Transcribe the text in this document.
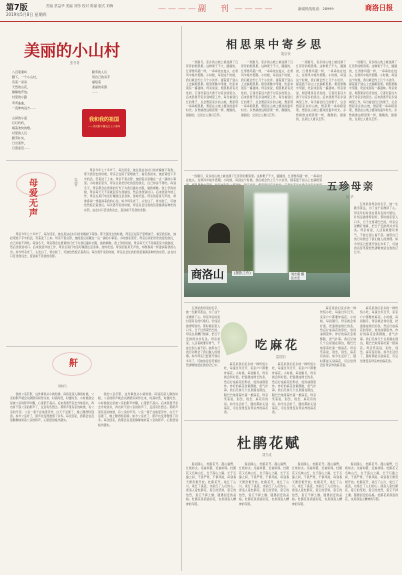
第7版
2019年5月8日 星期四
责编 蔡益华 美编 刘彤 校对 陈丽 版式 刘梅	————副 刊————	新闻热线电话：28999	商洛日报
美丽的小山村
张书青
八百里秦岭
脚下，一个小山村，
有着一朵朵
天然的山花，
静静地开放。
村里的小路
弯弯曲曲，
一直伸向远方……

山间的小溪
叮叮咚咚，
唱着欢快的歌。
村里的人们
勤劳朴实，
日出而作，
日落而息……
勤劳的人们
用自己的双手
描绘着
美丽的家园
……

我和我的祖国
——庆祝新中国成立七十周年
母爱无声	张丽平

母亲今年七十多岁了，每次回家，她总是站在村口的老槐树下等我。那天我回去的时候，母亲正在院子里晒被子，看见我回来，她赶紧放下手中的活，笑着迎了上来。母亲不善言辞，她的爱总是藏在一点一滴的小事里。小时候家里穷，母亲总是把好吃的留给我们，自己却舍不得吃。每到冬天，母亲都会在昏黄的灯光下为我们缝补衣服，做新棉鞋。我上学的时候，母亲每天天不亮就起床为我做饭，然后送我到村口。后来我到外地工作，母亲总是打电话叮嘱我注意身体，按时吃饭。母亲的爱是无声的，却像春雨一样滋润着我的心田。如今母亲老了，头发白了，背也驼了，可她依然惦记着我们。每次离开家的时候，母亲总会往我的包里塞满各种吃的东西，站在村口目送我远去，直到看不见我的身影。

母亲今年七十多岁了，每次回家，她总是站在村口的老槐树下等我。那天我回去的时候，母亲正在院子里晒被子，看见我回来，她赶紧放下手中的活，笑着迎了上来。母亲不善言辞，她的爱总是藏在一点一滴的小事里。小时候家里穷，母亲总是把好吃的留给我们，自己却舍不得吃。每到冬天，母亲都会在昏黄的灯光下为我们缝补衣服，做新棉鞋。我上学的时候，母亲每天天不亮就起床为我做饭，然后送我到村口。后来我到外地工作，母亲总是打电话叮嘱我注意身体，按时吃饭。母亲的爱是无声的，却像春雨一样滋润着我的心田。如今母亲老了，头发白了，背也驼了，可她依然惦记着我们。每次离开家的时候，母亲总会往我的包里塞满各种吃的东西，站在村口目送我远去，直到看不见我的身影。

鼾
胡晓凡

我的父亲打鼾，这件事我从小就知道。每到夜深人静的时候，父亲的鼾声就会从隔壁房间传过来，时高时低，时缓时急。小时候我总是被父亲的鼾声吵醒，心里很不高兴。后来我离开家去外地读书，再也听不到父亲的鼾声了，反而有些想念。那鼾声里有家的味道，有父亲的辛劳。父亲一辈子在地里劳作，白天干活累了，晚上睡得特别香。如今父亲老了，鼾声也变得微弱了许多。每次回家，我都会在夜里静静地听着父亲的鼾声，心里感到格外踏实。

我的父亲打鼾，这件事我从小就知道。每到夜深人静的时候，父亲的鼾声就会从隔壁房间传过来，时高时低，时缓时急。小时候我总是被父亲的鼾声吵醒，心里很不高兴。后来我离开家去外地读书，再也听不到父亲的鼾声了，反而有些想念。那鼾声里有家的味道，有父亲的辛劳。父亲一辈子在地里劳作，白天干活累了，晚上睡得特别香。如今父亲老了，鼾声也变得微弱了许多。每次回家，我都会在夜里静静地听着父亲的鼾声，心里感到格外踏实。

相思果中寄乡思
胡京荣

一进腊月，家乡的山坡上就挂满了红彤彤的相思果。这种果子不大，圆圆的，红得像玛瑙一样，一串串挂在枝头，在寒风中格外惹眼。小时候，每到这个时候，我们就会约上几个小伙伴，提着篮子到山上去摘相思果。相思果酸中带甜，吃起来别有一番滋味。母亲常说，相思果是有灵性的，它寄托着远方游子对家乡的思念。后来我离开家乡到城里工作，每当看到红红的果子，总会想起家乡的山坡，想起那一串串相思果，想起在山坡上嬉戏的童年时光。乡愁就像这相思果一样，酸酸的，甜甜的，总是让人难以忘怀。

一进腊月，家乡的山坡上就挂满了红彤彤的相思果。这种果子不大，圆圆的，红得像玛瑙一样，一串串挂在枝头，在寒风中格外惹眼。小时候，每到这个时候，我们就会约上几个小伙伴，提着篮子到山上去摘相思果。相思果酸中带甜，吃起来别有一番滋味。母亲常说，相思果是有灵性的，它寄托着远方游子对家乡的思念。后来我离开家乡到城里工作，每当看到红红的果子，总会想起家乡的山坡，想起那一串串相思果，想起在山坡上嬉戏的童年时光。乡愁就像这相思果一样，酸酸的，甜甜的，总是让人难以忘怀。

一进腊月，家乡的山坡上就挂满了红彤彤的相思果。这种果子不大，圆圆的，红得像玛瑙一样，一串串挂在枝头，在寒风中格外惹眼。小时候，每到这个时候，我们就会约上几个小伙伴，提着篮子到山上去摘相思果。相思果酸中带甜，吃起来别有一番滋味。母亲常说，相思果是有灵性的，它寄托着远方游子对家乡的思念。后来我离开家乡到城里工作，每当看到红红的果子，总会想起家乡的山坡，想起那一串串相思果，想起在山坡上嬉戏的童年时光。乡愁就像这相思果一样，酸酸的，甜甜的，总是让人难以忘怀。

一进腊月，家乡的山坡上就挂满了红彤彤的相思果。这种果子不大，圆圆的，红得像玛瑙一样，一串串挂在枝头，在寒风中格外惹眼。小时候，每到这个时候，我们就会约上几个小伙伴，提着篮子到山上去摘相思果。相思果酸中带甜，吃起来别有一番滋味。母亲常说，相思果是有灵性的，它寄托着远方游子对家乡的思念。后来我离开家乡到城里工作，每当看到红红的果子，总会想起家乡的山坡，想起那一串串相思果，想起在山坡上嬉戏的童年时光。乡愁就像这相思果一样，酸酸的，甜甜的，总是让人难以忘怀。

一进腊月，家乡的山坡上就挂满了红彤彤的相思果。这种果子不大，圆圆的，红得像玛瑙一样，一串串挂在枝头，在寒风中格外惹眼。小时候，每到这个时候，我们就会约上几个小伙伴，提着篮子到山上去摘相思

商洛山	(摄影之作)	刘志康 摄
张志安
五珍母亲
何 华

五珍是我母亲的名字，她一生勤劳善良，为了这个家操碎了心。母亲年轻时是村里有名的巧媳妇，针线活做得特别好。那时候家里人口多，日子过得紧巴巴的，母亲总是精打细算，把日子安排得井井有条。母亲常说，人活着就要有骨气，不能让别人看不起。她用自己的行动教会了我们做人的道理。如今母亲已经离开我们多年了，可她的音容笑貌依然清晰地留在我的记忆中。

五珍是我母亲的名字，她一生勤劳善良，为了这个家操碎了心。母亲年轻时是村里有名的巧媳妇，针线活做得特别好。那时候家里人口多，日子过得紧巴巴的，母亲总是精打细算，把日子安排得井井有条。母亲常说，人活着就要有骨气，不能让别人看不起。她用自己的行动教会了我们做人的道理。如今母亲已经离开我们多年了，可她的音容笑貌依然清晰地留在我的记忆中。

吃麻花
雷伯阳

麻花是我们家乡的一种传统小吃，每逢过年过节，家家户户都要炸麻花。小时候，每到腊月，母亲就会和好面，把面搓成细长的条，然后拧成麻花的形状，放进油锅里炸。炸好的麻花金黄酥脆，香气扑鼻。我们兄妹几个总是围在锅边，眼巴巴地等着吃第一根麻花。母亲笑着说，别急，别急，麻花有的是。如今生活好了，随时都能买到麻花，可总觉得没有母亲炸的麻花香。

麻花是我们家乡的一种传统小吃，每逢过年过节，家家户户都要炸麻花。小时候，每到腊月，母亲就会和好面，把面搓成细长的条，然后拧成麻花的形状，放进油锅里炸。炸好的麻花金黄酥脆，香气扑鼻。我们兄妹几个总是围在锅边，眼巴巴地等着吃第一根麻花。母亲笑着说，别急，别急，麻花有的是。如今生活好了，随时都能买到麻花，可总觉得没有母亲炸的麻花香。

麻花是我们家乡的一种传统小吃，每逢过年过节，家家户户都要炸麻花。小时候，每到腊月，母亲就会和好面，把面搓成细长的条，然后拧成麻花的形状，放进油锅里炸。炸好的麻花金黄酥脆，香气扑鼻。我们兄妹几个总是围在锅边，眼巴巴地等着吃第一根麻花。母亲笑着说，别急，别急，麻花有的是。如今生活好了，随时都能买到麻花，可总觉得没有母亲炸的麻花香。

麻花是我们家乡的一种传统小吃，每逢过年过节，家家户户都要炸麻花。小时候，每到腊月，母亲就会和好面，把面搓成细长的条，然后拧成麻花的形状，放进油锅里炸。炸好的麻花金黄酥脆，香气扑鼻。我们兄妹几个总是围在锅边，眼巴巴地等着吃第一根麻花。母亲笑着说，别急，别急，麻花有的是。如今生活好了，随时都能买到麻花，可总觉得没有母亲炸的麻花香。

杜鹃花赋
刘方成

春到商山，杜鹃花开。漫山遍野，红艳如火。远看如霞，近看如锦。杜鹃花又名映山红，生于高山之巅，长于石缝之间，不畏严寒，不惧风雨，每到春天便竞相开放。杜鹃花开，染红了山川，染红了溪流，也染红了人们的心。商洛人爱杜鹃花，爱它的坚韧，爱它的热烈，爱它不择土壤、随遇而安的品格。杜鹃花是商洛的花，也是商洛人精神的写照。

春到商山，杜鹃花开。漫山遍野，红艳如火。远看如霞，近看如锦。杜鹃花又名映山红，生于高山之巅，长于石缝之间，不畏严寒，不惧风雨，每到春天便竞相开放。杜鹃花开，染红了山川，染红了溪流，也染红了人们的心。商洛人爱杜鹃花，爱它的坚韧，爱它的热烈，爱它不择土壤、随遇而安的品格。杜鹃花是商洛的花，也是商洛人精神的写照。

春到商山，杜鹃花开。漫山遍野，红艳如火。远看如霞，近看如锦。杜鹃花又名映山红，生于高山之巅，长于石缝之间，不畏严寒，不惧风雨，每到春天便竞相开放。杜鹃花开，染红了山川，染红了溪流，也染红了人们的心。商洛人爱杜鹃花，爱它的坚韧，爱它的热烈，爱它不择土壤、随遇而安的品格。杜鹃花是商洛的花，也是商洛人精神的写照。

春到商山，杜鹃花开。漫山遍野，红艳如火。远看如霞，近看如锦。杜鹃花又名映山红，生于高山之巅，长于石缝之间，不畏严寒，不惧风雨，每到春天便竞相开放。杜鹃花开，染红了山川，染红了溪流，也染红了人们的心。商洛人爱杜鹃花，爱它的坚韧，爱它的热烈，爱它不择土壤、随遇而安的品格。杜鹃花是商洛的花，也是商洛人精神的写照。
